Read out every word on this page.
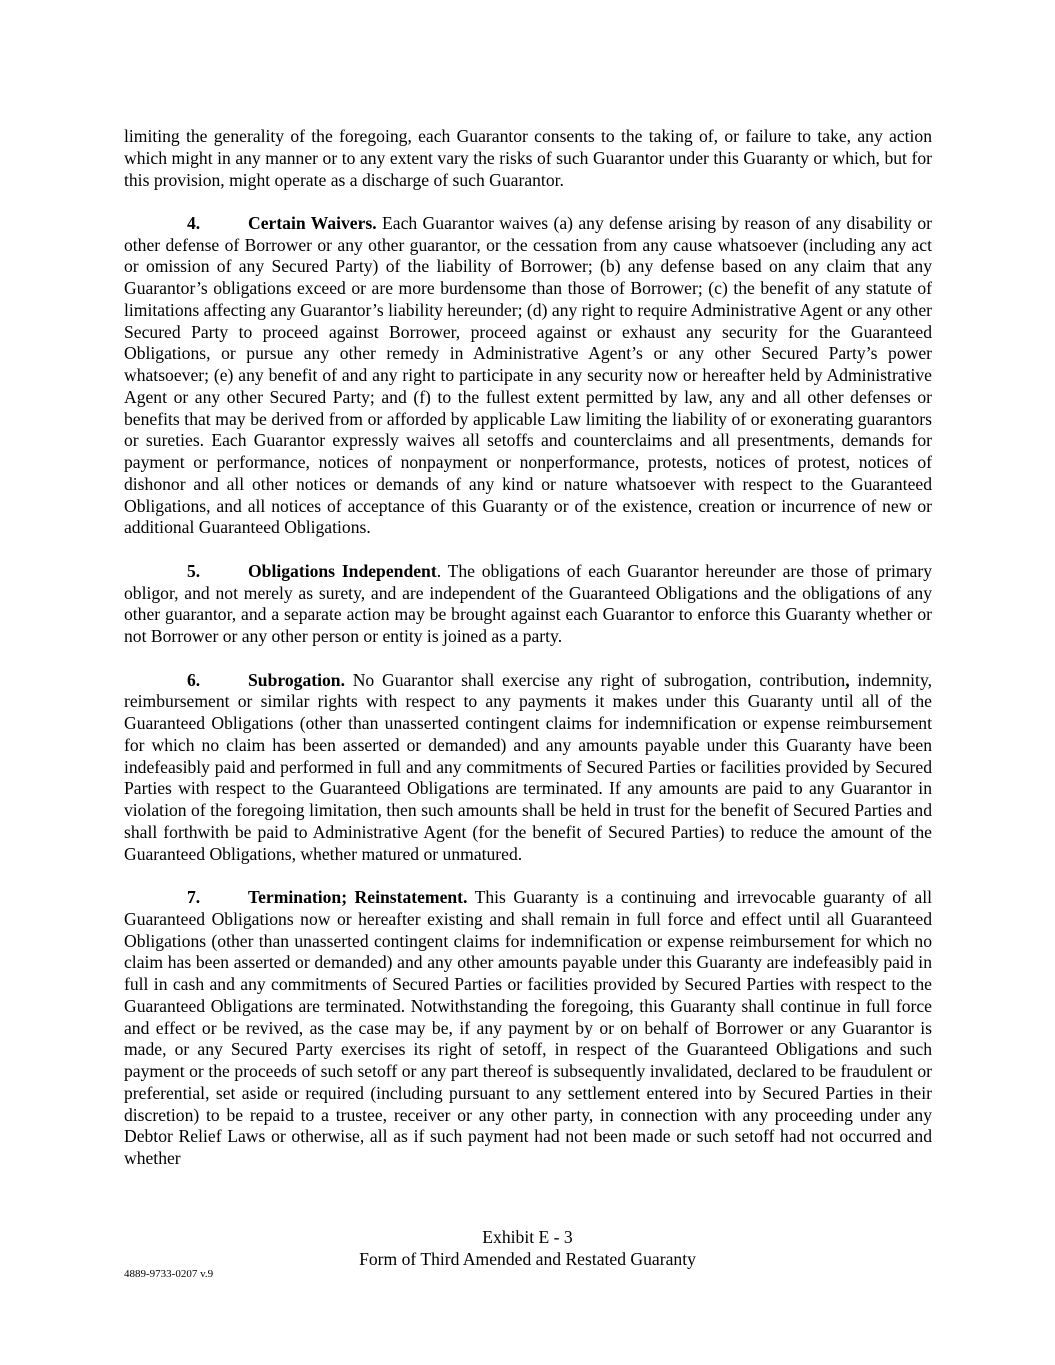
limiting the generality of the foregoing, each Guarantor consents to the taking of, or failure to take, any action which might in any manner or to any extent vary the risks of such Guarantor under this Guaranty or which, but for this provision, might operate as a discharge of such Guarantor.

4.	Certain Waivers. Each Guarantor waives (a) any defense arising by reason of any disability or other defense of Borrower or any other guarantor, or the cessation from any cause whatsoever (including any act or omission of any Secured Party) of the liability of Borrower; (b) any defense based on any claim that any Guarantor’s obligations exceed or are more burdensome than those of Borrower; (c) the benefit of any statute of limitations affecting any Guarantor’s liability hereunder; (d) any right to require Administrative Agent or any other Secured Party to proceed against Borrower, proceed against or exhaust any security for the Guaranteed Obligations, or pursue any other remedy in Administrative Agent’s or any other Secured Party’s power whatsoever; (e) any benefit of and any right to participate in any security now or hereafter held by Administrative Agent or any other Secured Party; and (f) to the fullest extent permitted by law, any and all other defenses or benefits that may be derived from or afforded by applicable Law limiting the liability of or exonerating guarantors or sureties. Each Guarantor expressly waives all setoffs and counterclaims and all presentments, demands for payment or performance, notices of nonpayment or nonperformance, protests, notices of protest, notices of dishonor and all other notices or demands of any kind or nature whatsoever with respect to the Guaranteed Obligations, and all notices of acceptance of this Guaranty or of the existence, creation or incurrence of new or additional Guaranteed Obligations.

5.	Obligations Independent. The obligations of each Guarantor hereunder are those of primary obligor, and not merely as surety, and are independent of the Guaranteed Obligations and the obligations of any other guarantor, and a separate action may be brought against each Guarantor to enforce this Guaranty whether or not Borrower or any other person or entity is joined as a party.

6.	Subrogation. No Guarantor shall exercise any right of subrogation, contribution, indemnity, reimbursement or similar rights with respect to any payments it makes under this Guaranty until all of the Guaranteed Obligations (other than unasserted contingent claims for indemnification or expense reimbursement for which no claim has been asserted or demanded) and any amounts payable under this Guaranty have been indefeasibly paid and performed in full and any commitments of Secured Parties or facilities provided by Secured Parties with respect to the Guaranteed Obligations are terminated. If any amounts are paid to any Guarantor in violation of the foregoing limitation, then such amounts shall be held in trust for the benefit of Secured Parties and shall forthwith be paid to Administrative Agent (for the benefit of Secured Parties) to reduce the amount of the Guaranteed Obligations, whether matured or unmatured.

7.	Termination; Reinstatement. This Guaranty is a continuing and irrevocable guaranty of all Guaranteed Obligations now or hereafter existing and shall remain in full force and effect until all Guaranteed Obligations (other than unasserted contingent claims for indemnification or expense reimbursement for which no claim has been asserted or demanded) and any other amounts payable under this Guaranty are indefeasibly paid in full in cash and any commitments of Secured Parties or facilities provided by Secured Parties with respect to the Guaranteed Obligations are terminated. Notwithstanding the foregoing, this Guaranty shall continue in full force and effect or be revived, as the case may be, if any payment by or on behalf of Borrower or any Guarantor is made, or any Secured Party exercises its right of setoff, in respect of the Guaranteed Obligations and such payment or the proceeds of such setoff or any part thereof is subsequently invalidated, declared to be fraudulent or preferential, set aside or required (including pursuant to any settlement entered into by Secured Parties in their discretion) to be repaid to a trustee, receiver or any other party, in connection with any proceeding under any Debtor Relief Laws or otherwise, all as if such payment had not been made or such setoff had not occurred and whether

Exhibit E - 3
Form of Third Amended and Restated Guaranty
4889-9733-0207 v.9
